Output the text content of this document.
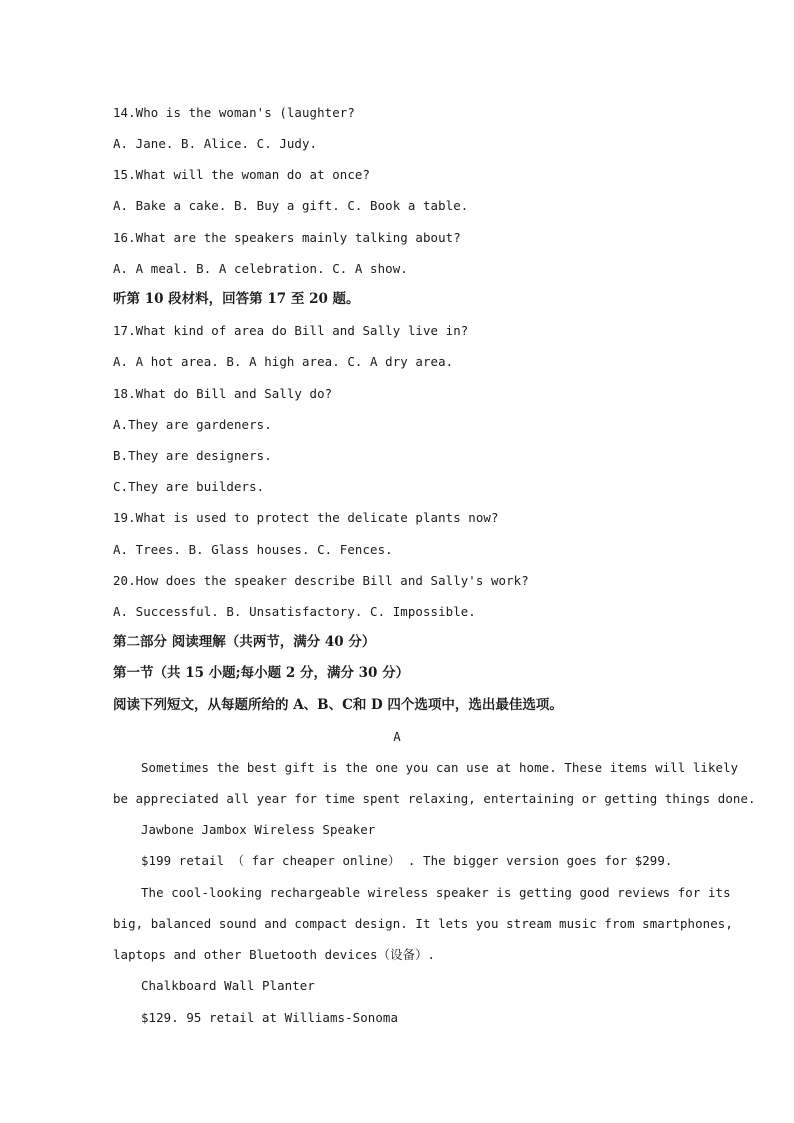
14.Who is the woman's (laughter?
A. Jane. B. Alice. C. Judy.
15.What will the woman do at once?
A. Bake a cake. B. Buy a gift. C. Book a table.
16.What are the speakers mainly talking about?
A. A meal. B. A celebration. C. A show.
听第 10 段材料，回答第 17 至 20 题。
17.What kind of area do Bill and Sally live in?
A. A hot area. B. A high area. C. A dry area.
18.What do Bill and Sally do?
A.They are gardeners.
B.They are designers.
C.They are builders.
19.What is used to protect the delicate plants now?
A. Trees. B. Glass houses. C. Fences.
20.How does the speaker describe Bill and Sally's work?
A. Successful. B. Unsatisfactory. C. Impossible.
第二部分 阅读理解（共两节，满分 40 分）
第一节（共 15 小题;每小题 2 分，满分 30 分）
阅读下列短文，从每题所给的 A、B、C和 D 四个选项中，选出最佳选项。
A
Sometimes the best gift is the one you can use at home. These items will likely
be appreciated all year for time spent relaxing, entertaining or getting things done.
Jawbone Jambox Wireless Speaker
$199 retail （ far cheaper online） . The bigger version goes for $299.
The cool-looking rechargeable wireless speaker is getting good reviews for its
big, balanced sound and compact design. It lets you stream music from smartphones,
laptops and other Bluetooth devices（设备）.
Chalkboard Wall Planter
$129. 95 retail at Williams-Sonoma
